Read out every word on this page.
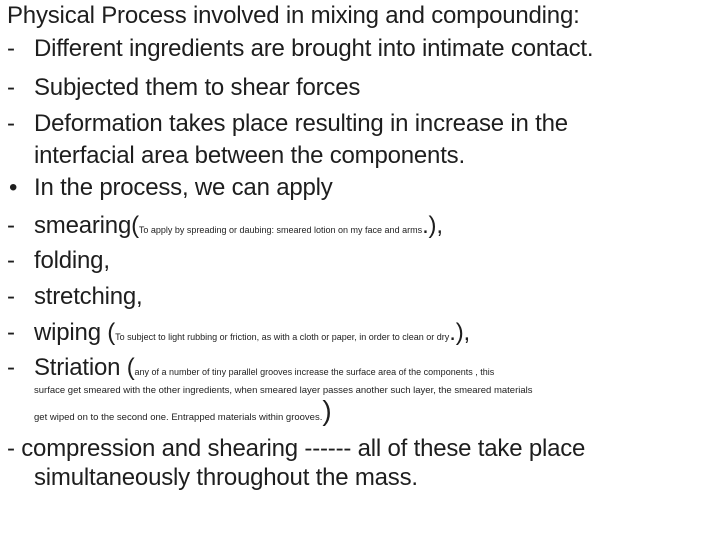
Physical Process involved in mixing and compounding:
- Different ingredients are brought into intimate contact.
- Subjected them to shear forces
- Deformation takes place resulting in increase in the
interfacial area between the components.
• In the process, we can apply
- smearing(To apply by spreading or daubing: smeared lotion on my face and arms.),
- folding,
- stretching,
- wiping (To subject to light rubbing or friction, as with a cloth or paper, in order to clean or dry.),
- Striation (any of a number of tiny parallel grooves increase the surface area of the components , this
surface get smeared with the other ingredients, when smeared layer passes another such layer, the smeared materials
get wiped on to the second one. Entrapped materials within grooves.)
- compression and shearing ------ all of these take place
simultaneously throughout the mass.
